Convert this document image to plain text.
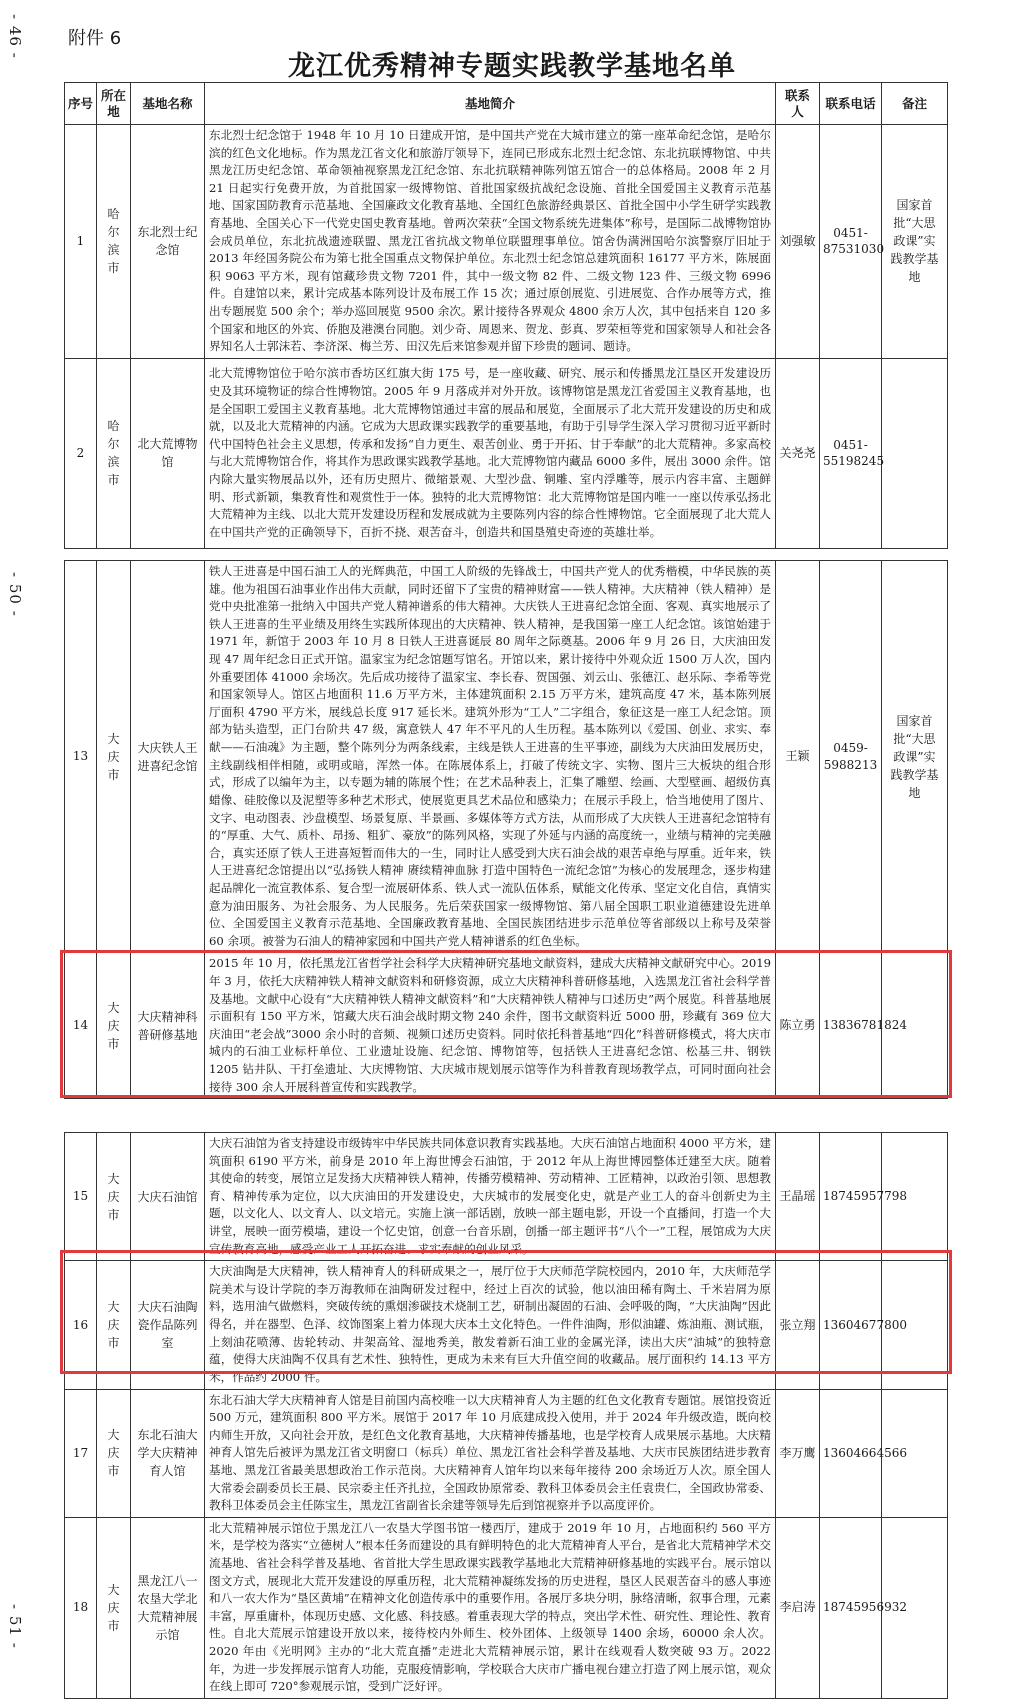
- 46 -
- 50 -
- 51 -
附件 6
龙江优秀精神专题实践教学基地名单
序号	所在地	基地名称	基地简介	联系人	联系电话	备注
1	哈尔滨市	东北烈士纪念馆	东北烈士纪念馆于 1948 年 10 月 10 日建成开馆，是中国共产党在大城市建立的第一座革命纪念馆，是哈尔滨的红色文化地标。作为黑龙江省文化和旅游厅领导下，连同已形成东北烈士纪念馆、东北抗联博物馆、中共黑龙江历史纪念馆、革命领袖视察黑龙江纪念馆、东北抗联精神陈列馆五馆合一的总体格局。2008 年 2 月 21 日起实行免费开放，为首批国家一级博物馆、首批国家级抗战纪念设施、首批全国爱国主义教育示范基地、国家国防教育示范基地、全国廉政文化教育基地、全国红色旅游经典景区、首批全国中小学生研学实践教育基地、全国关心下一代党史国史教育基地。曾两次荣获“全国文物系统先进集体”称号，是国际二战博物馆协会成员单位，东北抗战遗迹联盟、黑龙江省抗战文物单位联盟理事单位。馆舍伪满洲国哈尔滨警察厅旧址于 2013 年经国务院公布为第七批全国重点文物保护单位。东北烈士纪念馆总建筑面积 16177 平方米，陈展面积 9063 平方米，现有馆藏珍贵文物 7201 件，其中一级文物 82 件、二级文物 123 件、三级文物 6996 件。自建馆以来，累计完成基本陈列设计及布展工作 15 次；通过原创展览、引进展览、合作办展等方式，推出专题展览 500 余个；举办巡回展览 9500 余次。累计接待各界观众 4800 余万人次，其中包括来自 120 多个国家和地区的外宾、侨胞及港澳台同胞。刘少奇、周恩来、贺龙、彭真、罗荣桓等党和国家领导人和社会各界知名人士郭沫若、李济深、梅兰芳、田汉先后来馆参观并留下珍贵的题词、题诗。	刘强敏	0451-87531030	国家首批“大思政课”实践教学基地
2	哈尔滨市	北大荒博物馆	北大荒博物馆位于哈尔滨市香坊区红旗大街 175 号，是一座收藏、研究、展示和传播黑龙江垦区开发建设历史及其环境物证的综合性博物馆。2005 年 9 月落成并对外开放。该博物馆是黑龙江省爱国主义教育基地，也是全国职工爱国主义教育基地。北大荒博物馆通过丰富的展品和展览，全面展示了北大荒开发建设的历史和成就，以及北大荒精神的内涵。它成为大思政课实践教学的重要基地，有助于引导学生深入学习贯彻习近平新时代中国特色社会主义思想，传承和发扬“自力更生、艰苦创业、勇于开拓、甘于奉献”的北大荒精神。多家高校与北大荒博物馆合作，将其作为思政课实践教学基地。北大荒博物馆内藏品 6000 多件，展出 3000 余件。馆内除大量实物展品以外，还有历史照片、微缩景观、大型沙盘、铜雕、室内浮雕等，展示内容丰富、主题鲜明、形式新颖，集教育性和观赏性于一体。独特的北大荒博物馆：北大荒博物馆是国内唯一一座以传承弘扬北大荒精神为主线、以北大荒开发建设历程和发展成就为主要陈列内容的综合性博物馆。它全面展现了北大荒人在中国共产党的正确领导下，百折不挠、艰苦奋斗，创造共和国垦殖史奇迹的英雄壮举。	关尧尧	0451-55198245	
13	大庆市	大庆铁人王进喜纪念馆	铁人王进喜是中国石油工人的光辉典范，中国工人阶级的先锋战士，中国共产党人的优秀楷模，中华民族的英雄。他为祖国石油事业作出伟大贡献，同时还留下了宝贵的精神财富——铁人精神。大庆精神（铁人精神）是党中央批准第一批纳入中国共产党人精神谱系的伟大精神。大庆铁人王进喜纪念馆全面、客观、真实地展示了铁人王进喜的生平业绩及用终生实践所体现出的大庆精神、铁人精神，是我国第一座工人纪念馆。该馆始建于 1971 年，新馆于 2003 年 10 月 8 日铁人王进喜诞辰 80 周年之际奠基。2006 年 9 月 26 日，大庆油田发现 47 周年纪念日正式开馆。温家宝为纪念馆题写馆名。开馆以来，累计接待中外观众近 1500 万人次，国内外重要团体 41000 余场次。先后成功接待了温家宝、李长春、贺国强、刘云山、张德江、赵乐际、李希等党和国家领导人。馆区占地面积 11.6 万平方米，主体建筑面积 2.15 万平方米，建筑高度 47 米，基本陈列展厅面积 4790 平方米，展线总长度 917 延长米。建筑外形为“工人”二字组合，象征这是一座工人纪念馆。顶部为钻头造型，正门台阶共 47 级，寓意铁人 47 年不平凡的人生历程。基本陈列以《爱国、创业、求实、奉献——石油魂》为主题，整个陈列分为两条线索，主线是铁人王进喜的生平事迹，副线为大庆油田发展历史，主线副线相伴相随，或明或暗，浑然一体。在陈展体系上，打破了传统文字、实物、图片三大板块的组合形式，形成了以编年为主，以专题为辅的陈展个性；在艺术品种表上，汇集了雕塑、绘画、大型壁画、超级仿真蜡像、硅胶像以及泥塑等多种艺术形式，使展览更具艺术品位和感染力；在展示手段上，恰当地使用了图片、文字、电动图表、沙盘模型、场景复原、半景画、多媒体等方式方法，从而形成了大庆铁人王进喜纪念馆特有的“厚重、大气、质朴、昂扬、粗犷、豪放”的陈列风格，实现了外延与内涵的高度统一，业绩与精神的完美融合，真实还原了铁人王进喜短暂而伟大的一生，同时让人感受到大庆石油会战的艰苦卓绝与厚重。近年来，铁人王进喜纪念馆提出以“弘扬铁人精神 赓续精神血脉 打造中国特色一流纪念馆”为核心的发展理念，逐步构建起品牌化一流宣教体系、复合型一流展研体系、铁人式一流队伍体系，赋能文化传承、坚定文化自信，真情实意为油田服务、为社会服务、为人民服务。先后荣获国家一级博物馆、第八届全国职工职业道德建设先进单位、全国爱国主义教育示范基地、全国廉政教育基地、全国民族团结进步示范单位等省部级以上称号及荣誉 60 余项。被誉为石油人的精神家园和中国共产党人精神谱系的红色坐标。	王颖	0459-5988213	国家首批“大思政课”实践教学基地
14	大庆市	大庆精神科普研修基地	2015 年 10 月，依托黑龙江省哲学社会科学大庆精神研究基地文献资料，建成大庆精神文献研究中心。2019 年 3 月，依托大庆精神铁人精神文献资料和研修资源，成立大庆精神科普研修基地，入选黑龙江省社会科学普及基地。文献中心设有“大庆精神铁人精神文献资料”和“大庆精神铁人精神与口述历史”两个展览。科普基地展示面积有 150 平方米，馆藏大庆石油会战时期文物 240 余件，图书文献资料近 5000 册，珍藏有 369 位大庆油田“老会战”3000 余小时的音频、视频口述历史资料。同时依托科普基地“四化”科普研修模式，将大庆市城内的石油工业标杆单位、工业遗址设施、纪念馆、博物馆等，包括铁人王进喜纪念馆、松基三井、钢铁 1205 钻井队、干打垒遗址、大庆博物馆、大庆城市规划展示馆等作为科普教育现场教学点，可同时面向社会接待 300 余人开展科普宣传和实践教学。	陈立勇	13836781824	
15	大庆市	大庆石油馆	大庆石油馆为省支持建设市级铸牢中华民族共同体意识教育实践基地。大庆石油馆占地面积 4000 平方米，建筑面积 6190 平方米，前身是 2010 年上海世博会石油馆，于 2012 年从上海世博园整体迁建至大庆。随着其使命的转变，展馆立足发扬大庆精神铁人精神，传播劳模精神、劳动精神、工匠精神，以政治引领、思想教育、精神传承为定位，以大庆油田的开发建设史，大庆城市的发展变化史，就是产业工人的奋斗创新史为主题，以文化人、以文育人、以文培元。实施上演一部话剧，放映一部主题电影，开设一个直播间，打造一个大讲堂，展映一面劳模墙，建设一个忆史馆，创意一台音乐剧，创播一部主题评书“八个一”工程，展馆成为大庆宣传教育高地，感受产业工人开拓奋进、求实奉献的创业风采。	王晶瑶	18745957798	
16	大庆市	大庆石油陶瓷作品陈列室	大庆油陶是大庆精神，铁人精神育人的科研成果之一，展厅位于大庆师范学院校园内，2010 年，大庆师范学院美术与设计学院的李万海教师在油陶研发过程中，经过上百次的试验，他以油田稀有陶土、千米岩屑为原料，选用油气做燃料，突破传统的熏烟渗碳技术烧制工艺，研制出凝固的石油、会呼吸的陶，“大庆油陶”因此得名，并在器型、色泽、纹饰图案上着力体现大庆本土文化特色。一件件油陶，形似油罐、炼油瓶、测试瓶，上刻油花喷薄、齿轮转动、井架高耸、湿地秀美，散发着新石油工业的金属光泽，读出大庆“油城”的独特意蕴，使得大庆油陶不仅具有艺术性、独特性，更成为未来有巨大升值空间的收藏品。展厅面积约 14.13 平方米，作品约 2000 件。	张立翔	13604677800	
17	大庆市	东北石油大学大庆精神育人馆	东北石油大学大庆精神育人馆是目前国内高校唯一以大庆精神育人为主题的红色文化教育专题馆。展馆投资近 500 万元，建筑面积 800 平方米。展馆于 2017 年 10 月底建成投入使用，并于 2024 年升级改造，既向校内师生开放，又向社会开放，是红色文化教育基地，大庆精神传播基地，也是学校育人成果展示基地。大庆精神育人馆先后被评为黑龙江省文明窗口（标兵）单位、黑龙江省社会科学普及基地、大庆市民族团结进步教育基地、黑龙江省最美思想政治工作示范岗。大庆精神育人馆年均以来每年接待 200 余场近万人次。原全国人大常委会副委员长王晨、民宗委主任齐扎拉，全国政协原常委、教科卫体委员会主任袁贵仁，全国政协常委、教科卫体委员会主任陈宝生，黑龙江省副省长余建等领导先后到馆视察并予以高度评价。	李万鹰	13604664566	
18	大庆市	黑龙江八一农垦大学北大荒精神展示馆	北大荒精神展示馆位于黑龙江八一农垦大学图书馆一楼西厅，建成于 2019 年 10 月，占地面积约 560 平方米，是学校为落实“立德树人”根本任务而建设的具有鲜明特色的北大荒精神育人平台，是省北大荒精神学术交流基地、省社会科学普及基地、省首批大学生思政课实践教学基地北大荒精神研修基地的实践平台。展示馆以图文方式，展现北大荒开发建设的厚重历程，北大荒精神凝练发扬的历史进程，垦区人民艰苦奋斗的感人事迹和八一农大作为“垦区黄埔”在精神文化创造传承中的重要作用。各展厅多块分明，脉络清晰，叙事合理，元素丰富，厚重庸朴，体现历史感、文化感、科技感。着重表现大学的特点，突出学术性、研究性、理论性、教育性。自北大荒展示馆建设开放以来，接待校内外师生、校外团体、上级领导 1400 余场，60000 余人次。2020 年由《光明网》主办的“北大荒直播”走进北大荒精神展示馆，累计在线观看人数突破 93 万。2022 年，为进一步发挥展示馆育人功能，克服疫情影响，学校联合大庆市广播电视台建立打造了网上展示馆，观众在线上即可 720°参观展示馆，受到广泛好评。	李启涛	18745956932	
